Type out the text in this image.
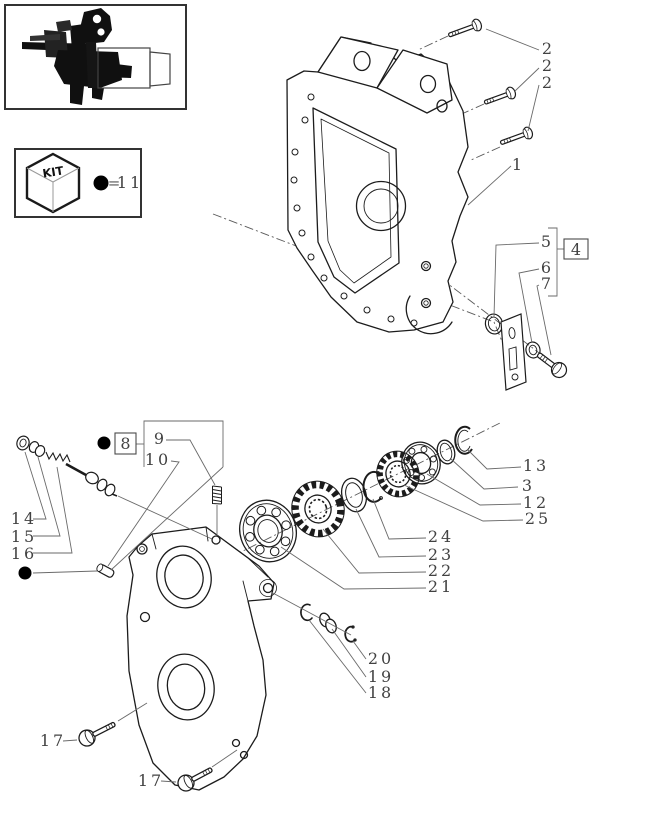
KIT
=
11
2
2
2
1
5 4
6
7
13
3
12
25
24
23
22
21
8 9
10
14
15
16
17
17
20
19
18
